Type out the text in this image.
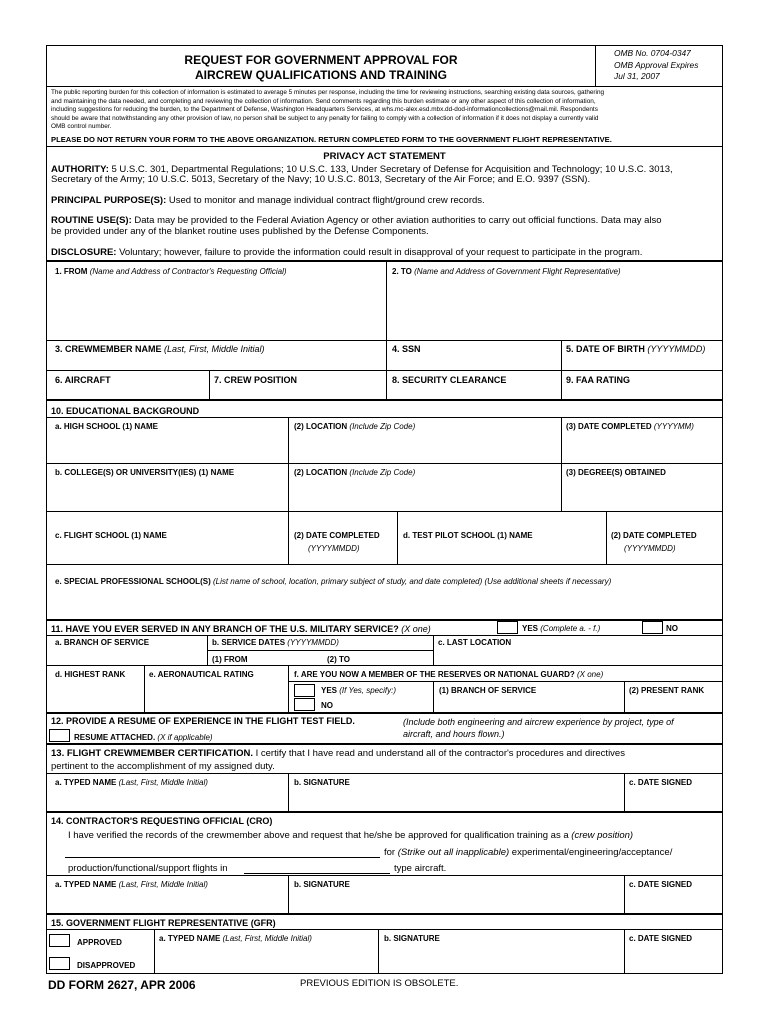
REQUEST FOR GOVERNMENT APPROVAL FOR
AIRCREW QUALIFICATIONS AND TRAINING
OMB No. 0704-0347
OMB Approval Expires
Jul 31, 2007
The public reporting burden for this collection of information is estimated to average 5 minutes per response, including the time for reviewing instructions, searching existing data sources, gathering
and maintaining the data needed, and completing and reviewing the collection of information. Send comments regarding this burden estimate or any other aspect of this collection of information,
including suggestions for reducing the burden, to the Department of Defense, Washington Headquarters Services, at whs.mc-alex.esd.mbx.dd-dod-informationcollections@mail.mil. Respondents
should be aware that notwithstanding any other provision of law, no person shall be subject to any penalty for failing to comply with a collection of information if it does not display a currently valid
OMB control number.
PLEASE DO NOT RETURN YOUR FORM TO THE ABOVE ORGANIZATION. RETURN COMPLETED FORM TO THE GOVERNMENT FLIGHT REPRESENTATIVE.
PRIVACY ACT STATEMENT
AUTHORITY: 5 U.S.C. 301, Departmental Regulations; 10 U.S.C. 133, Under Secretary of Defense for Acquisition and Technology; 10 U.S.C. 3013,
Secretary of the Army; 10 U.S.C. 5013, Secretary of the Navy; 10 U.S.C. 8013, Secretary of the Air Force; and E.O. 9397 (SSN).
PRINCIPAL PURPOSE(S): Used to monitor and manage individual contract flight/ground crew records.
ROUTINE USE(S): Data may be provided to the Federal Aviation Agency or other aviation authorities to carry out official functions. Data may also
be provided under any of the blanket routine uses published by the Defense Components.
DISCLOSURE: Voluntary; however, failure to provide the information could result in disapproval of your request to participate in the program.
1. FROM (Name and Address of Contractor's Requesting Official)	2. TO (Name and Address of Government Flight Representative)
3. CREWMEMBER NAME (Last, First, Middle Initial)	4. SSN	5. DATE OF BIRTH (YYYYMMDD)
6. AIRCRAFT	7. CREW POSITION	8. SECURITY CLEARANCE	9. FAA RATING
10. EDUCATIONAL BACKGROUND
a. HIGH SCHOOL (1) NAME	(2) LOCATION (Include Zip Code)	(3) DATE COMPLETED (YYYYMM)
b. COLLEGE(S) OR UNIVERSITY(IES) (1) NAME	(2) LOCATION (Include Zip Code)	(3) DEGREE(S) OBTAINED
c. FLIGHT SCHOOL (1) NAME	(2) DATE COMPLETED
(YYYYMMDD)
d. TEST PILOT SCHOOL (1) NAME	(2) DATE COMPLETED
(YYYYMMDD)
e. SPECIAL PROFESSIONAL SCHOOL(S) (List name of school, location, primary subject of study, and date completed) (Use additional sheets if necessary)
11. HAVE YOU EVER SERVED IN ANY BRANCH OF THE U.S. MILITARY SERVICE? (X one)	YES (Complete a. - f.)	NO
a. BRANCH OF SERVICE	b. SERVICE DATES (YYYYMMDD)
(1) FROM	(2) TO
c. LAST LOCATION
d. HIGHEST RANK	e. AERONAUTICAL RATING	f. ARE YOU NOW A MEMBER OF THE RESERVES OR NATIONAL GUARD? (X one)
YES (If Yes, specify:)
NO
(1) BRANCH OF SERVICE	(2) PRESENT RANK
12. PROVIDE A RESUME OF EXPERIENCE IN THE FLIGHT TEST FIELD.	(Include both engineering and aircrew experience by project, type of
aircraft, and hours flown.)
RESUME ATTACHED. (X if applicable)
13. FLIGHT CREWMEMBER CERTIFICATION. I certify that I have read and understand all of the contractor's procedures and directives
pertinent to the accomplishment of my assigned duty.
a. TYPED NAME (Last, First, Middle Initial)	b. SIGNATURE	c. DATE SIGNED
14. CONTRACTOR'S REQUESTING OFFICIAL (CRO)
I have verified the records of the crewmember above and request that he/she be approved for qualification training as a (crew position)
for (Strike out all inapplicable) experimental/engineering/acceptance/
production/functional/support flights in	type aircraft.
a. TYPED NAME (Last, First, Middle Initial)	b. SIGNATURE	c. DATE SIGNED
15. GOVERNMENT FLIGHT REPRESENTATIVE (GFR)
APPROVED
DISAPPROVED
a. TYPED NAME (Last, First, Middle Initial)	b. SIGNATURE	c. DATE SIGNED
DD FORM 2627, APR 2006	PREVIOUS EDITION IS OBSOLETE.
